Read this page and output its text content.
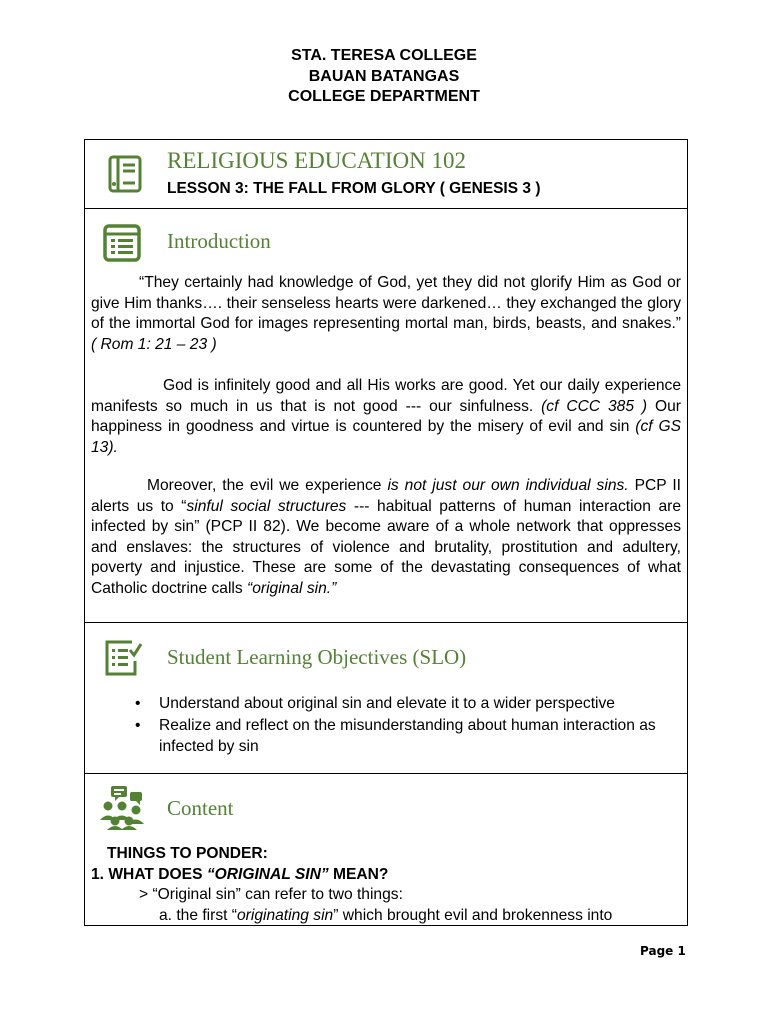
STA. TERESA COLLEGE
BAUAN BATANGAS
COLLEGE DEPARTMENT
RELIGIOUS EDUCATION 102
LESSON 3: THE FALL FROM GLORY ( GENESIS 3 )
Introduction

“They certainly had knowledge of God, yet they did not glorify Him as God or give Him thanks…. their senseless hearts were darkened… they exchanged the glory of the immortal God for images representing mortal man, birds, beasts, and snakes.” ( Rom 1: 21 – 23 )

God is infinitely good and all His works are good. Yet our daily experience manifests so much in us that is not good --- our sinfulness. (cf CCC 385 ) Our happiness in goodness and virtue is countered by the misery of evil and sin (cf GS 13).

Moreover, the evil we experience is not just our own individual sins. PCP II alerts us to “sinful social structures --- habitual patterns of human interaction are infected by sin” (PCP II 82). We become aware of a whole network that oppresses and enslaves: the structures of violence and brutality, prostitution and adultery, poverty and injustice. These are some of the devastating consequences of what Catholic doctrine calls “original sin.”

Student Learning Objectives (SLO)
• Understand about original sin and elevate it to a wider perspective
• Realize and reflect on the misunderstanding about human interaction as infected by sin
Content
THINGS TO PONDER:
1. WHAT DOES “ORIGINAL SIN” MEAN?
> “Original sin” can refer to two things:
a. the first “originating sin” which brought evil and brokenness into
Page 1
